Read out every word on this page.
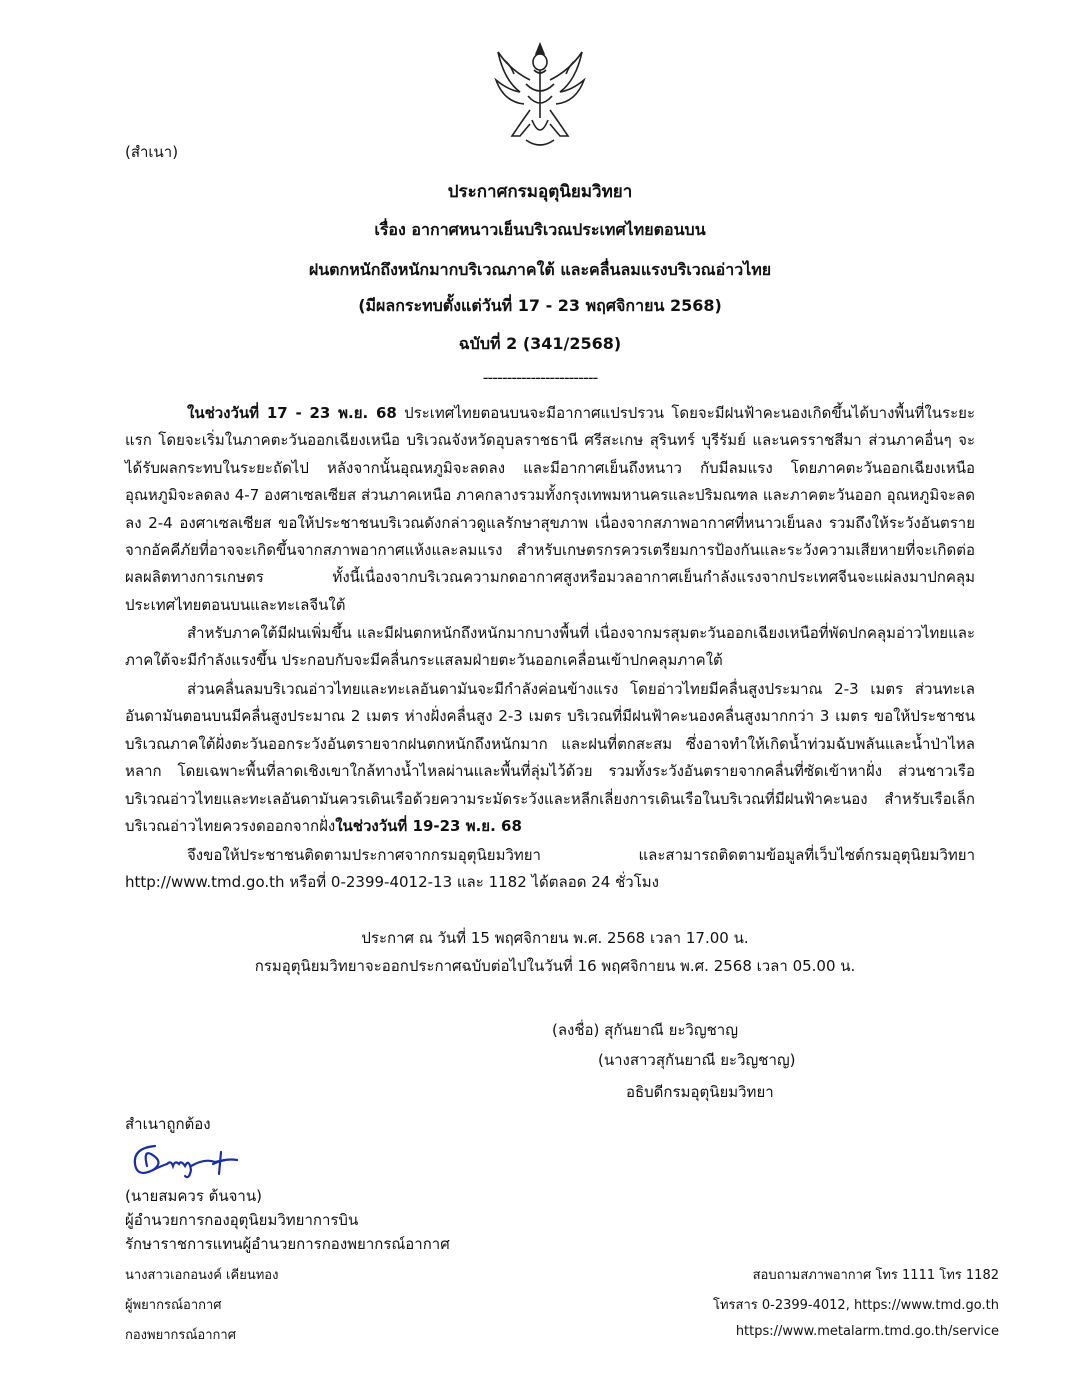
(สำเนา)
ประกาศกรมอุตุนิยมวิทยา
เรื่อง อากาศหนาวเย็นบริเวณประเทศไทยตอนบน
ฝนตกหนักถึงหนักมากบริเวณภาคใต้ และคลื่นลมแรงบริเวณอ่าวไทย
(มีผลกระทบตั้งแต่วันที่ 17 - 23 พฤศจิกายน 2568)
ฉบับที่ 2 (341/2568)
------------------------

ในช่วงวันที่ 17 - 23 พ.ย. 68 ประเทศไทยตอนบนจะมีอากาศแปรปรวน โดยจะมีฝนฟ้าคะนองเกิดขึ้นได้บางพื้นที่ในระยะแรก โดยจะเริ่มในภาคตะวันออกเฉียงเหนือ บริเวณจังหวัดอุบลราชธานี ศรีสะเกษ สุรินทร์ บุรีรัมย์ และนครราชสีมา ส่วนภาคอื่นๆ จะได้รับผลกระทบในระยะถัดไป หลังจากนั้นอุณหภูมิจะลดลง และมีอากาศเย็นถึงหนาว กับมีลมแรง โดยภาคตะวันออกเฉียงเหนือ อุณหภูมิจะลดลง 4-7 องศาเซลเซียส ส่วนภาคเหนือ ภาคกลางรวมทั้งกรุงเทพมหานครและปริมณฑล และภาคตะวันออก อุณหภูมิจะลดลง 2-4 องศาเซลเซียส ขอให้ประชาชนบริเวณดังกล่าวดูแลรักษาสุขภาพ เนื่องจากสภาพอากาศที่หนาวเย็นลง รวมถึงให้ระวังอันตรายจากอัคคีภัยที่อาจจะเกิดขึ้นจากสภาพอากาศแห้งและลมแรง สำหรับเกษตรกรควรเตรียมการป้องกันและระวังความเสียหายที่จะเกิดต่อผลผลิตทางการเกษตร ทั้งนี้เนื่องจากบริเวณความกดอากาศสูงหรือมวลอากาศเย็นกำลังแรงจากประเทศจีนจะแผ่ลงมาปกคลุมประเทศไทยตอนบนและทะเลจีนใต้

สำหรับภาคใต้มีฝนเพิ่มขึ้น และมีฝนตกหนักถึงหนักมากบางพื้นที่ เนื่องจากมรสุมตะวันออกเฉียงเหนือที่พัดปกคลุมอ่าวไทยและภาคใต้จะมีกำลังแรงขึ้น ประกอบกับจะมีคลื่นกระแสลมฝ่ายตะวันออกเคลื่อนเข้าปกคลุมภาคใต้

ส่วนคลื่นลมบริเวณอ่าวไทยและทะเลอันดามันจะมีกำลังค่อนข้างแรง โดยอ่าวไทยมีคลื่นสูงประมาณ 2-3 เมตร ส่วนทะเลอันดามันตอนบนมีคลื่นสูงประมาณ 2 เมตร ห่างฝั่งคลื่นสูง 2-3 เมตร บริเวณที่มีฝนฟ้าคะนองคลื่นสูงมากกว่า 3 เมตร ขอให้ประชาชนบริเวณภาคใต้ฝั่งตะวันออกระวังอันตรายจากฝนตกหนักถึงหนักมาก และฝนที่ตกสะสม ซึ่งอาจทำให้เกิดน้ำท่วมฉับพลันและน้ำป่าไหลหลาก โดยเฉพาะพื้นที่ลาดเชิงเขาใกล้ทางน้ำไหลผ่านและพื้นที่ลุ่มไว้ด้วย รวมทั้งระวังอันตรายจากคลื่นที่ซัดเข้าหาฝั่ง ส่วนชาวเรือบริเวณอ่าวไทยและทะเลอันดามันควรเดินเรือด้วยความระมัดระวังและหลีกเลี่ยงการเดินเรือในบริเวณที่มีฝนฟ้าคะนอง สำหรับเรือเล็กบริเวณอ่าวไทยควรงดออกจากฝั่งในช่วงวันที่ 19-23 พ.ย. 68

จึงขอให้ประชาชนติดตามประกาศจากกรมอุตุนิยมวิทยา และสามารถติดตามข้อมูลที่เว็บไซต์กรมอุตุนิยมวิทยา http://www.tmd.go.th หรือที่ 0-2399-4012-13 และ 1182 ได้ตลอด 24 ชั่วโมง

ประกาศ ณ วันที่ 15 พฤศจิกายน พ.ศ. 2568 เวลา 17.00 น.
กรมอุตุนิยมวิทยาจะออกประกาศฉบับต่อไปในวันที่ 16 พฤศจิกายน พ.ศ. 2568 เวลา 05.00 น.
(ลงชื่อ) สุกันยาณี ยะวิญชาญ
(นางสาวสุกันยาณี ยะวิญชาญ)
อธิบดีกรมอุตุนิยมวิทยา
สำเนาถูกต้อง
(นายสมควร ต้นจาน)
ผู้อำนวยการกองอุตุนิยมวิทยาการบิน
รักษาราชการแทนผู้อำนวยการกองพยากรณ์อากาศ
นางสาวเอกอนงค์ เคียนทอง
ผู้พยากรณ์อากาศ
กองพยากรณ์อากาศ
สอบถามสภาพอากาศ โทร 1111 โทร 1182
โทรสาร 0-2399-4012, https://www.tmd.go.th
https://www.metalarm.tmd.go.th/service
